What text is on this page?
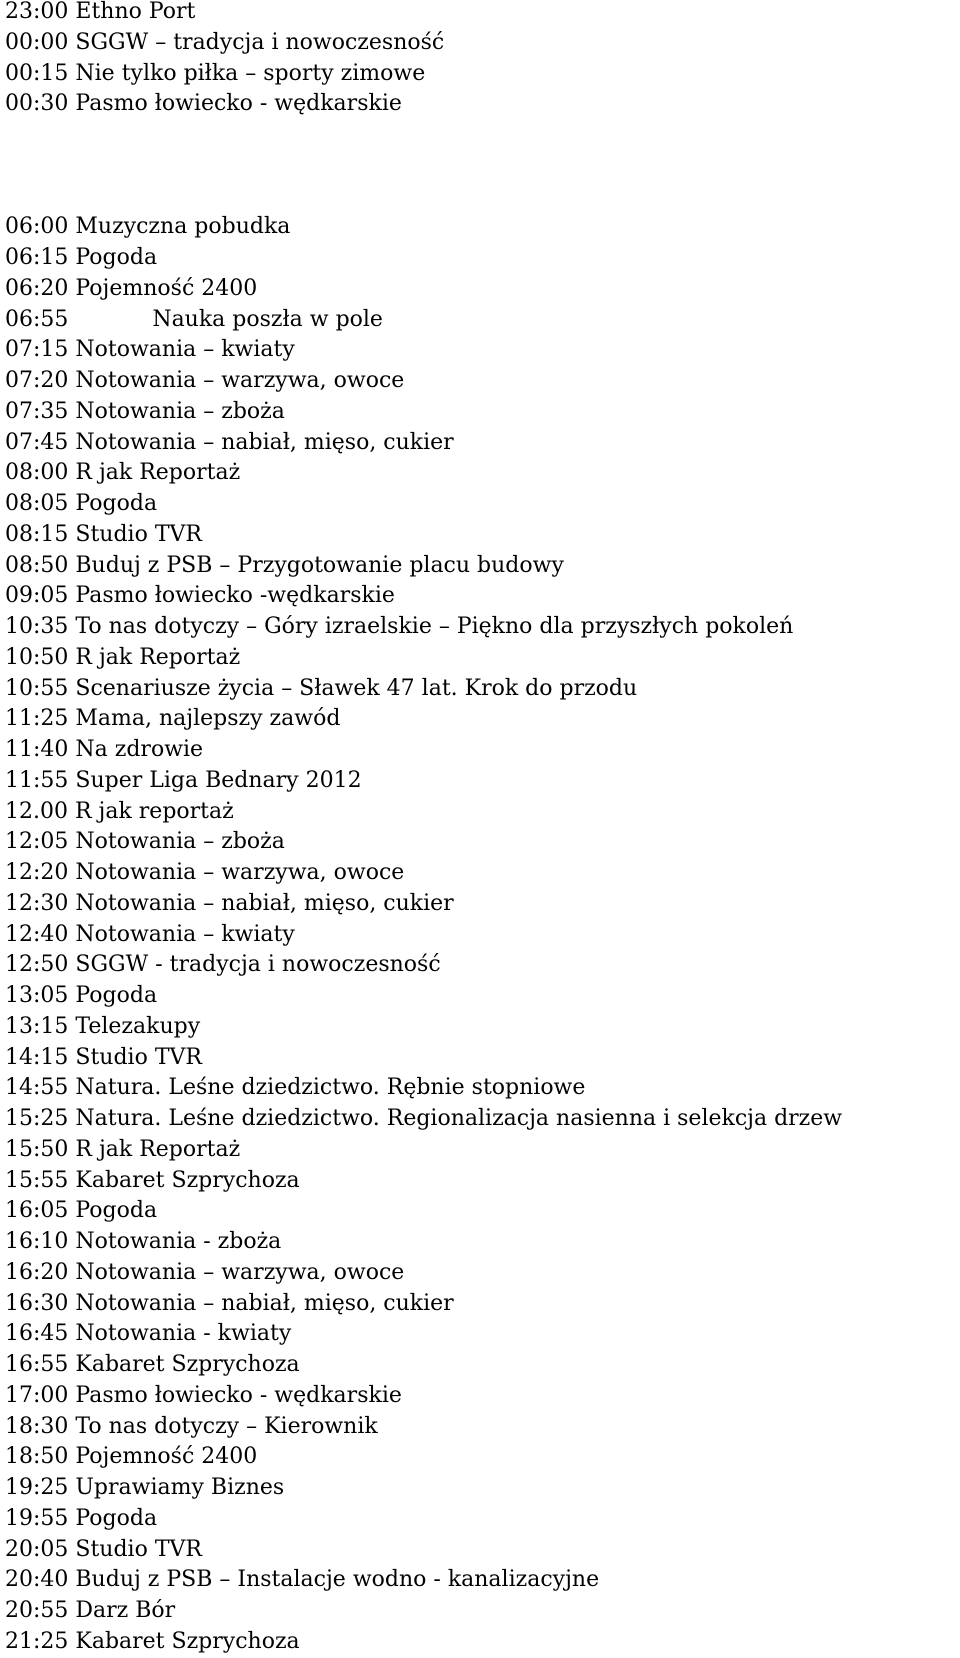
23:00 Ethno Port
00:00 SGGW – tradycja i nowoczesność
00:15 Nie tylko piłka – sporty zimowe
00:30 Pasmo łowiecko - wędkarskie

06:00 Muzyczna pobudka
06:15 Pogoda
06:20 Pojemność 2400
06:55            Nauka poszła w pole
07:15 Notowania – kwiaty
07:20 Notowania – warzywa, owoce
07:35 Notowania – zboża
07:45 Notowania – nabiał, mięso, cukier
08:00 R jak Reportaż
08:05 Pogoda
08:15 Studio TVR
08:50 Buduj z PSB – Przygotowanie placu budowy
09:05 Pasmo łowiecko -wędkarskie
10:35 To nas dotyczy – Góry izraelskie – Piękno dla przyszłych pokoleń
10:50 R jak Reportaż
10:55 Scenariusze życia – Sławek 47 lat. Krok do przodu
11:25 Mama, najlepszy zawód
11:40 Na zdrowie
11:55 Super Liga Bednary 2012
12.00 R jak reportaż
12:05 Notowania – zboża
12:20 Notowania – warzywa, owoce
12:30 Notowania – nabiał, mięso, cukier
12:40 Notowania – kwiaty
12:50 SGGW - tradycja i nowoczesność
13:05 Pogoda
13:15 Telezakupy
14:15 Studio TVR
14:55 Natura. Leśne dziedzictwo. Rębnie stopniowe
15:25 Natura. Leśne dziedzictwo. Regionalizacja nasienna i selekcja drzew
15:50 R jak Reportaż
15:55 Kabaret Szprychoza
16:05 Pogoda
16:10 Notowania - zboża
16:20 Notowania – warzywa, owoce
16:30 Notowania – nabiał, mięso, cukier
16:45 Notowania - kwiaty
16:55 Kabaret Szprychoza
17:00 Pasmo łowiecko - wędkarskie
18:30 To nas dotyczy – Kierownik
18:50 Pojemność 2400
19:25 Uprawiamy Biznes
19:55 Pogoda
20:05 Studio TVR
20:40 Buduj z PSB – Instalacje wodno - kanalizacyjne
20:55 Darz Bór
21:25 Kabaret Szprychoza
